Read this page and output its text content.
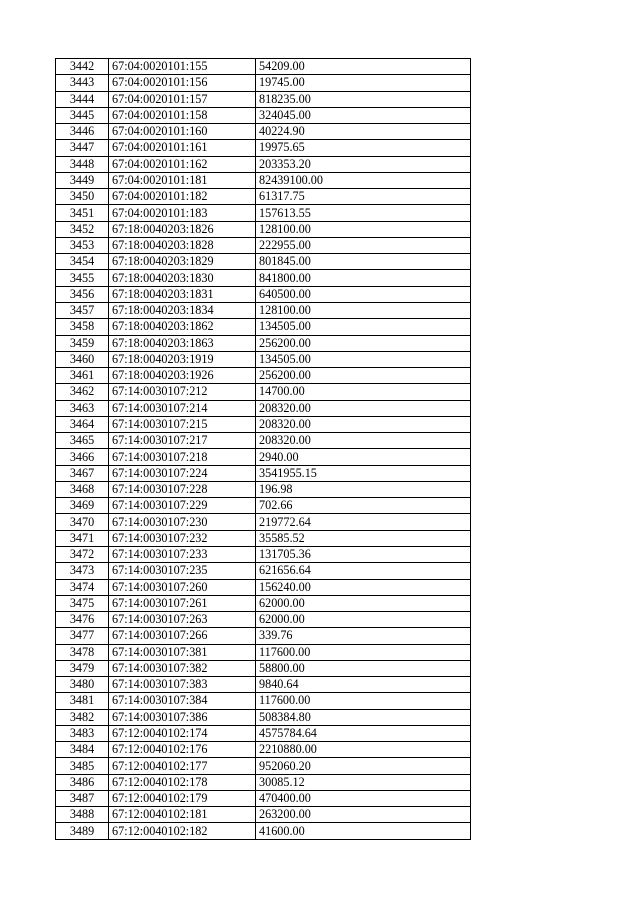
3442	67:04:0020101:155	54209.00
3443	67:04:0020101:156	19745.00
3444	67:04:0020101:157	818235.00
3445	67:04:0020101:158	324045.00
3446	67:04:0020101:160	40224.90
3447	67:04:0020101:161	19975.65
3448	67:04:0020101:162	203353.20
3449	67:04:0020101:181	82439100.00
3450	67:04:0020101:182	61317.75
3451	67:04:0020101:183	157613.55
3452	67:18:0040203:1826	128100.00
3453	67:18:0040203:1828	222955.00
3454	67:18:0040203:1829	801845.00
3455	67:18:0040203:1830	841800.00
3456	67:18:0040203:1831	640500.00
3457	67:18:0040203:1834	128100.00
3458	67:18:0040203:1862	134505.00
3459	67:18:0040203:1863	256200.00
3460	67:18:0040203:1919	134505.00
3461	67:18:0040203:1926	256200.00
3462	67:14:0030107:212	14700.00
3463	67:14:0030107:214	208320.00
3464	67:14:0030107:215	208320.00
3465	67:14:0030107:217	208320.00
3466	67:14:0030107:218	2940.00
3467	67:14:0030107:224	3541955.15
3468	67:14:0030107:228	196.98
3469	67:14:0030107:229	702.66
3470	67:14:0030107:230	219772.64
3471	67:14:0030107:232	35585.52
3472	67:14:0030107:233	131705.36
3473	67:14:0030107:235	621656.64
3474	67:14:0030107:260	156240.00
3475	67:14:0030107:261	62000.00
3476	67:14:0030107:263	62000.00
3477	67:14:0030107:266	339.76
3478	67:14:0030107:381	117600.00
3479	67:14:0030107:382	58800.00
3480	67:14:0030107:383	9840.64
3481	67:14:0030107:384	117600.00
3482	67:14:0030107:386	508384.80
3483	67:12:0040102:174	4575784.64
3484	67:12:0040102:176	2210880.00
3485	67:12:0040102:177	952060.20
3486	67:12:0040102:178	30085.12
3487	67:12:0040102:179	470400.00
3488	67:12:0040102:181	263200.00
3489	67:12:0040102:182	41600.00
